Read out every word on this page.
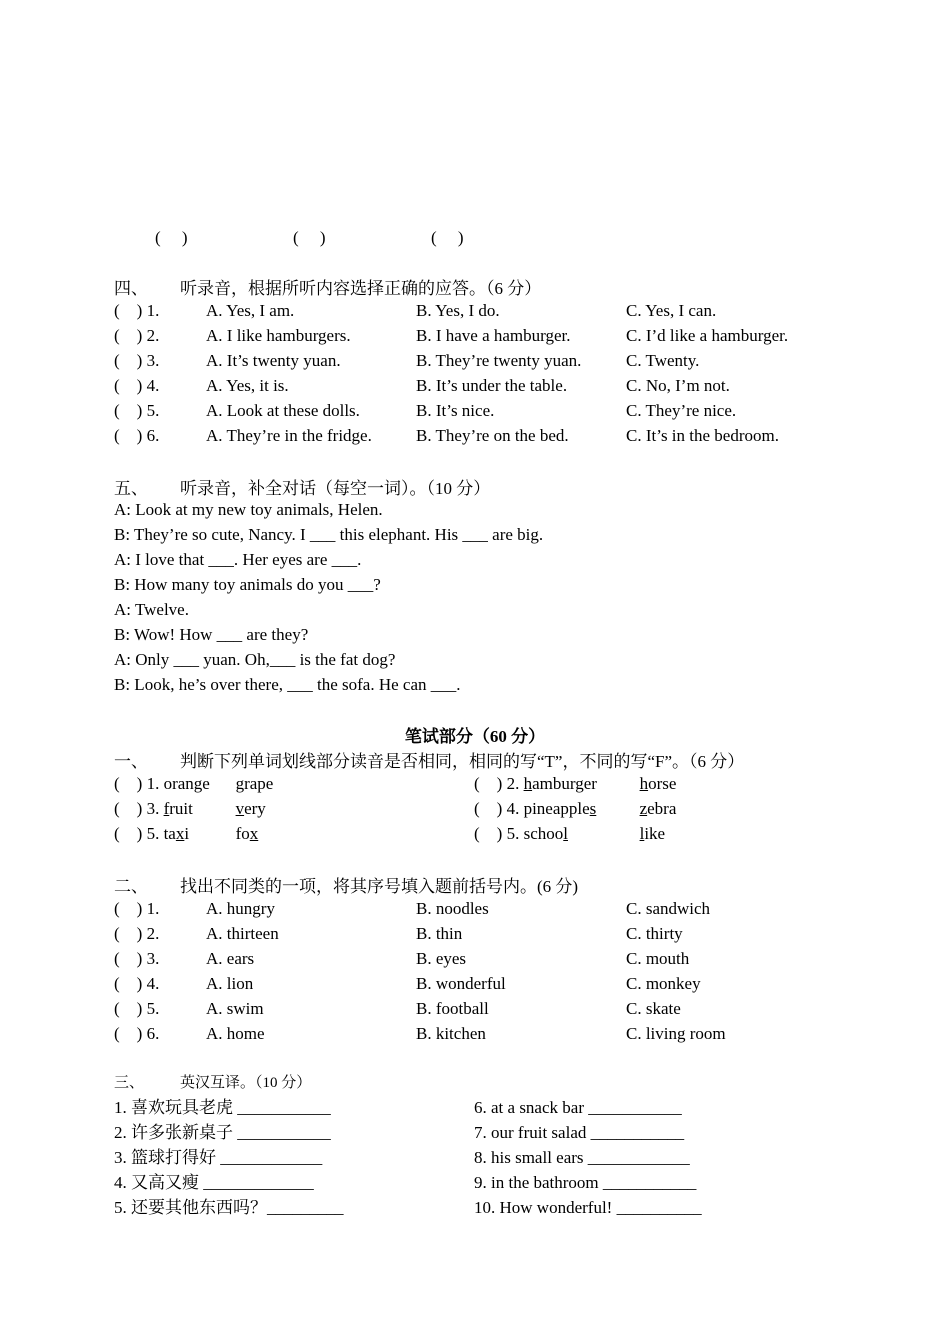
(     )	(     )	(     )
四、 听录音，根据所听内容选择正确的应答。（6 分）
(    ) 1.	A. Yes, I am.	B. Yes, I do.	C. Yes, I can.
(    ) 2.	A. I like hamburgers.	B. I have a hamburger.	C. I’d like a hamburger.
(    ) 3.	A. It’s twenty yuan.	B. They’re twenty yuan.	C. Twenty.
(    ) 4.	A. Yes, it is.	B. It’s under the table.	C. No, I’m not.
(    ) 5.	A. Look at these dolls.	B. It’s nice.	C. They’re nice.
(    ) 6.	A. They’re in the fridge.	B. They’re on the bed.	C. It’s in the bedroom.
五、 听录音，补全对话（每空一词）。（10 分）
A: Look at my new toy animals, Helen.
B: They’re so cute, Nancy. I ___ this elephant. His ___ are big.
A: I love that ___. Her eyes are ___.
B: How many toy animals do you ___?
A: Twelve.
B: Wow! How ___ are they?
A: Only ___ yuan. Oh,___ is the fat dog?
B: Look, he’s over there, ___ the sofa. He can ___.
笔试部分（60 分）
一、 判断下列单词划线部分读音是否相同，相同的写“T”，不同的写“F”。（6 分）
(    ) 1. orange grape	(    ) 2. hamburger	horse
(    ) 3. fruit	very	(    ) 4. pineapples	zebra
(    ) 5. taxi	fox	(    ) 5. school	like
二、 找出不同类的一项，将其序号填入题前括号内。(6 分)
(    ) 1.	A. hungry	B. noodles	C. sandwich
(    ) 2.	A. thirteen	B. thin	C. thirty
(    ) 3.	A. ears	B. eyes	C. mouth
(    ) 4.	A. lion	B. wonderful	C. monkey
(    ) 5.	A. swim	B. football	C. skate
(    ) 6.	A. home	B. kitchen	C. living room
三、 英汉互译。（10 分）
1. 喜欢玩具老虎 ___________
2. 许多张新桌子 ___________
3. 篮球打得好 ____________
4. 又高又瘦 _____________
5. 还要其他东西吗？_________
6. at a snack bar ___________
7. our fruit salad ___________
8. his small ears ____________
9. in the bathroom ___________
10. How wonderful! __________
